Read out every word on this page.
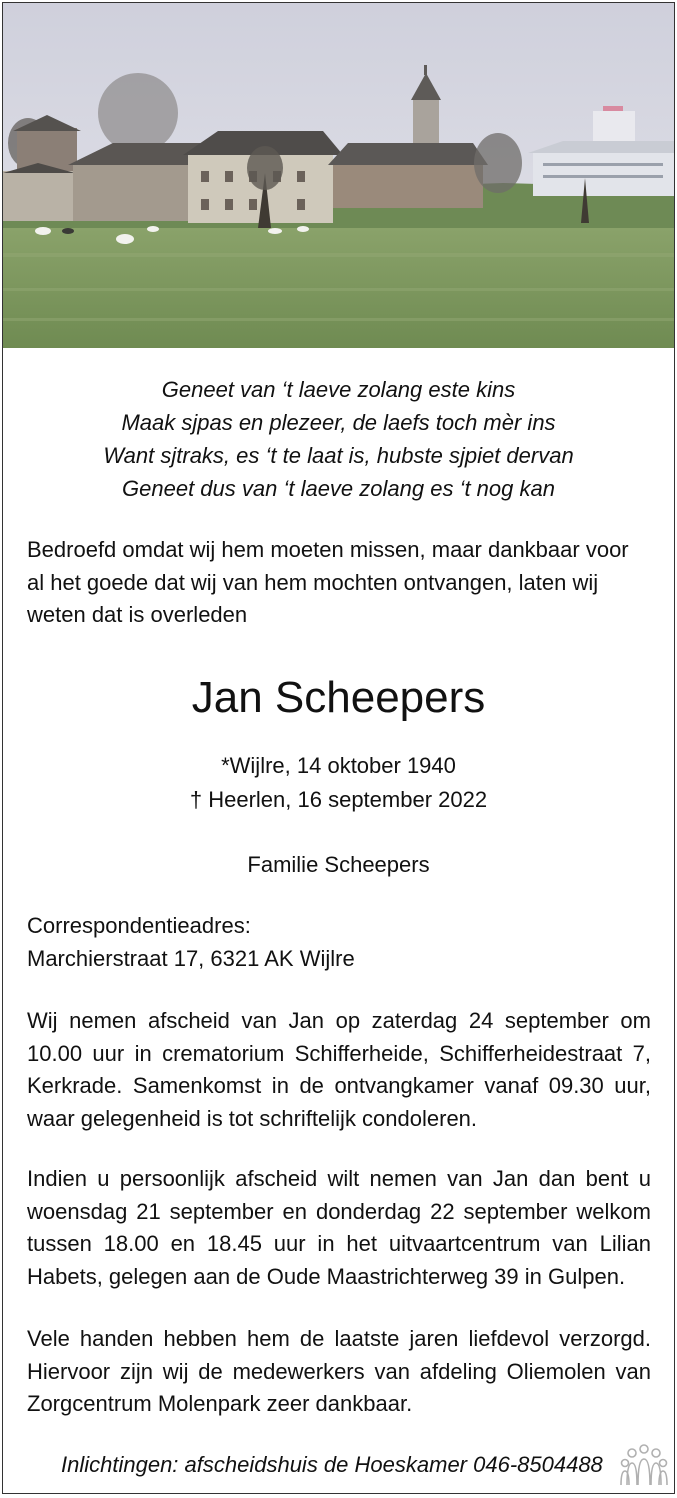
Geneet van ‘t laeve zolang este kins
Maak sjpas en plezeer, de laefs toch mèr ins
Want sjtraks, es ‘t te laat is, hubste sjpiet dervan
Geneet dus van ‘t laeve zolang es ‘t nog kan
Bedroefd omdat wij hem moeten missen, maar dankbaar voor
al het goede dat wij van hem mochten ontvangen, laten wij
weten dat is overleden
Jan Scheepers
*Wijlre, 14 oktober 1940
† Heerlen, 16 september 2022
Familie Scheepers
Correspondentieadres:
Marchierstraat 17, 6321 AK Wijlre
Wij nemen afscheid van Jan op zaterdag 24 september om
10.00 uur in crematorium Schifferheide, Schifferheidestraat 7,
Kerkrade. Samenkomst in de ontvangkamer vanaf 09.30 uur,
waar gelegenheid is tot schriftelijk condoleren.
Indien u persoonlijk afscheid wilt nemen van Jan dan bent u
woensdag 21 september en donderdag 22 september welkom
tussen 18.00 en 18.45 uur in het uitvaartcentrum van Lilian
Habets, gelegen aan de Oude Maastrichterweg 39 in Gulpen.
Vele handen hebben hem de laatste jaren liefdevol verzorgd.
Hiervoor zijn wij de medewerkers van afdeling Oliemolen van
Zorgcentrum Molenpark zeer dankbaar.
Inlichtingen: afscheidshuis de Hoeskamer 046-8504488
